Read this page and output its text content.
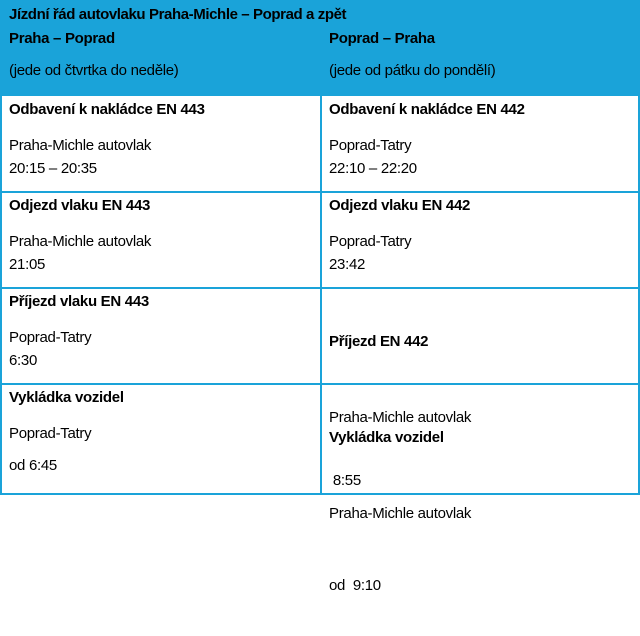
Jízdní řád autovlaku Praha-Michle – Poprad a zpět
Praha – Poprad
(jede od čtvrtka do neděle)
Poprad – Praha
(jede od pátku do pondělí)
Odbavení k nakládce EN 443
Praha-Michle autovlak
20:15 – 20:35
Odbavení k nakládce EN 442
Poprad-Tatry
22:10 – 22:20
Odjezd vlaku EN 443
Praha-Michle autovlak
21:05
Odjezd vlaku EN 442
Poprad-Tatry
23:42
Příjezd vlaku EN 443
Poprad-Tatry
6:30

Příjezd EN 442

Praha-Michle autovlak

8:55

Vykládka vozidel
Poprad-Tatry
od 6:45

Vykládka vozidel

Praha-Michle autovlak

od  9:10
